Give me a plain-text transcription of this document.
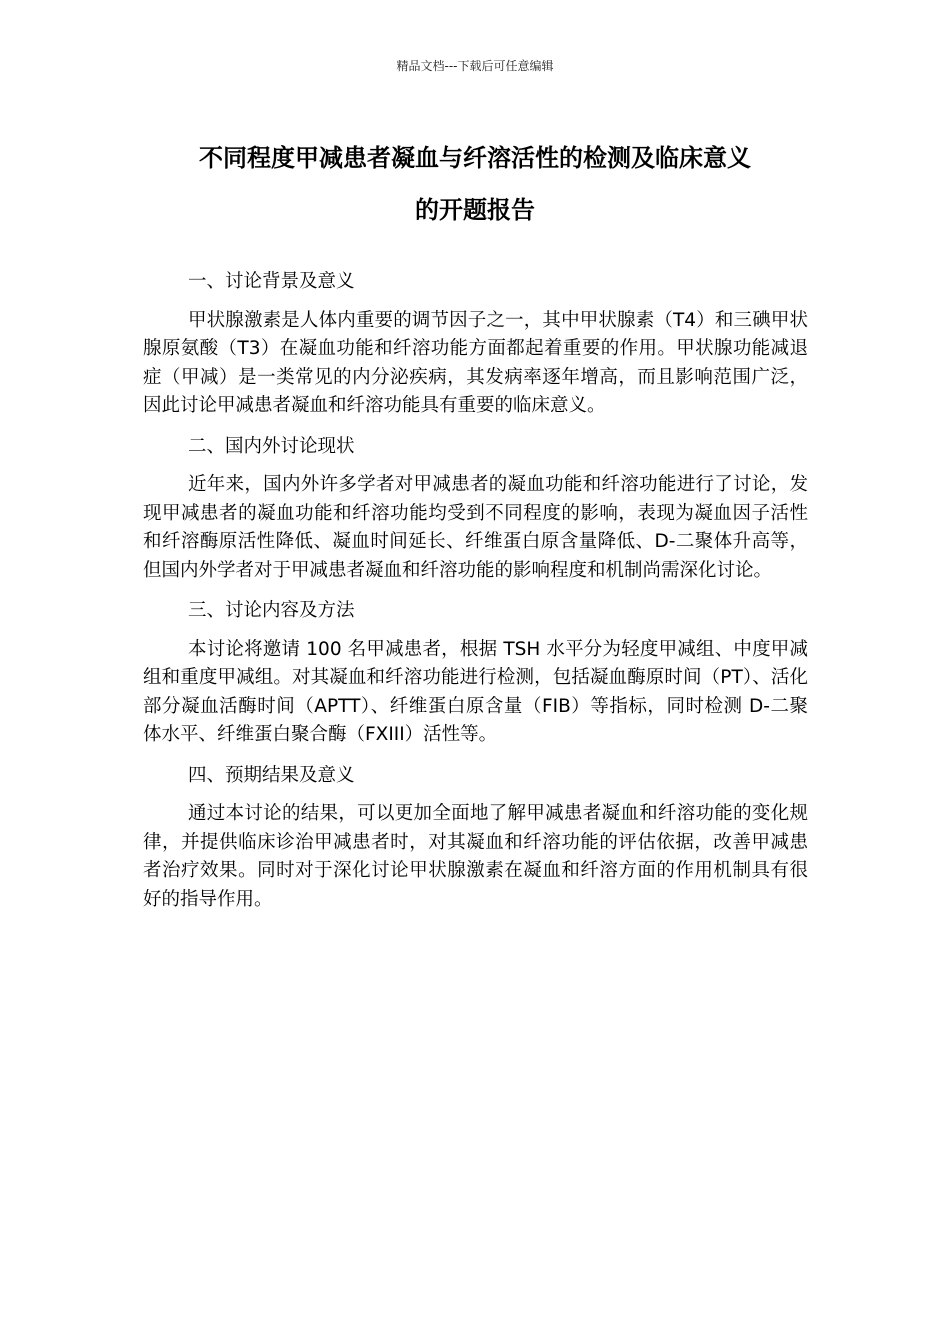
精品文档---下载后可任意编辑
不同程度甲减患者凝血与纤溶活性的检测及临床意义
的开题报告

一、讨论背景及意义

甲状腺激素是人体内重要的调节因子之一，其中甲状腺素（T4）和三碘甲状腺原氨酸（T3）在凝血功能和纤溶功能方面都起着重要的作用。甲状腺功能减退症（甲减）是一类常见的内分泌疾病，其发病率逐年增高，而且影响范围广泛，因此讨论甲减患者凝血和纤溶功能具有重要的临床意义。

二、国内外讨论现状

近年来，国内外许多学者对甲减患者的凝血功能和纤溶功能进行了讨论，发现甲减患者的凝血功能和纤溶功能均受到不同程度的影响，表现为凝血因子活性和纤溶酶原活性降低、凝血时间延长、纤维蛋白原含量降低、D-二聚体升高等，但国内外学者对于甲减患者凝血和纤溶功能的影响程度和机制尚需深化讨论。

三、讨论内容及方法

本讨论将邀请 100 名甲减患者，根据 TSH 水平分为轻度甲减组、中度甲减组和重度甲减组。对其凝血和纤溶功能进行检测，包括凝血酶原时间（PT）、活化部分凝血活酶时间（APTT）、纤维蛋白原含量（FIB）等指标，同时检测 D-二聚体水平、纤维蛋白聚合酶（FXIII）活性等。

四、预期结果及意义

通过本讨论的结果，可以更加全面地了解甲减患者凝血和纤溶功能的变化规律，并提供临床诊治甲减患者时，对其凝血和纤溶功能的评估依据，改善甲减患者治疗效果。同时对于深化讨论甲状腺激素在凝血和纤溶方面的作用机制具有很好的指导作用。
